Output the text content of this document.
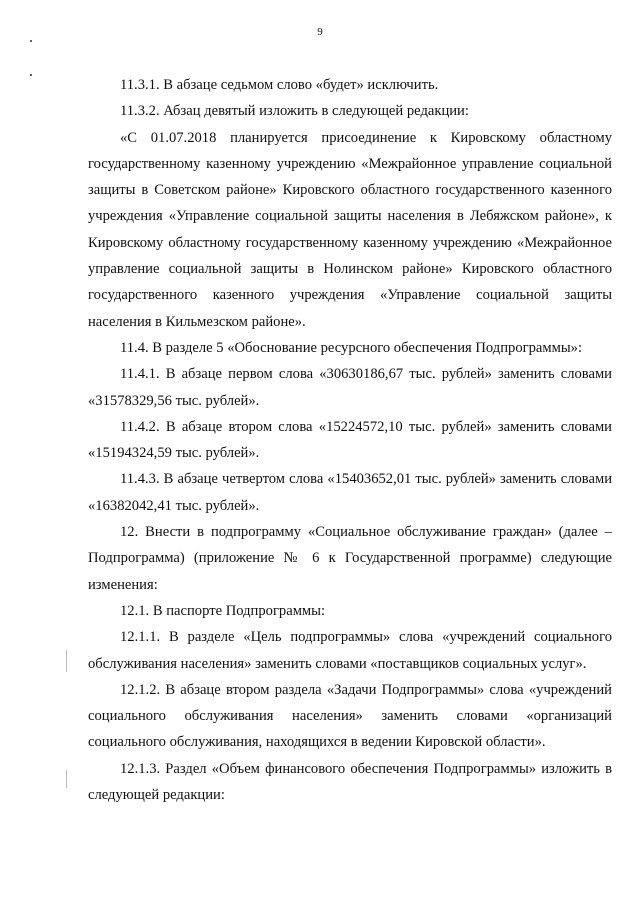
9

11.3.1. В абзаце седьмом слово «будет» исключить.

11.3.2. Абзац девятый изложить в следующей редакции:

«С 01.07.2018 планируется присоединение к Кировскому областному государственному казенному учреждению «Межрайонное управление социальной защиты в Советском районе» Кировского областного государственного казенного учреждения «Управление социальной защиты населения в Лебяжском районе», к Кировскому областному государственному казенному учреждению «Межрайонное управление социальной защиты в Нолинском районе» Кировского областного государственного казенного учреждения «Управление социальной защиты населения в Кильмезском районе».

11.4. В разделе 5 «Обоснование ресурсного обеспечения Подпрограммы»:

11.4.1. В абзаце первом слова «30630186,67 тыс. рублей» заменить словами «31578329,56 тыс. рублей».

11.4.2. В абзаце втором слова «15224572,10 тыс. рублей» заменить словами «15194324,59 тыс. рублей».

11.4.3. В абзаце четвертом слова «15403652,01 тыс. рублей» заменить словами «16382042,41 тыс. рублей».

12. Внести в подпрограмму «Социальное обслуживание граждан» (далее – Подпрограмма) (приложение № 6 к Государственной программе) следующие изменения:

12.1. В паспорте Подпрограммы:

12.1.1. В разделе «Цель подпрограммы» слова «учреждений социального обслуживания населения» заменить словами «поставщиков социальных услуг».

12.1.2. В абзаце втором раздела «Задачи Подпрограммы» слова «учреждений социального обслуживания населения» заменить словами «организаций социального обслуживания, находящихся в ведении Кировской области».

12.1.3. Раздел «Объем финансового обеспечения Подпрограммы» изложить в следующей редакции:
